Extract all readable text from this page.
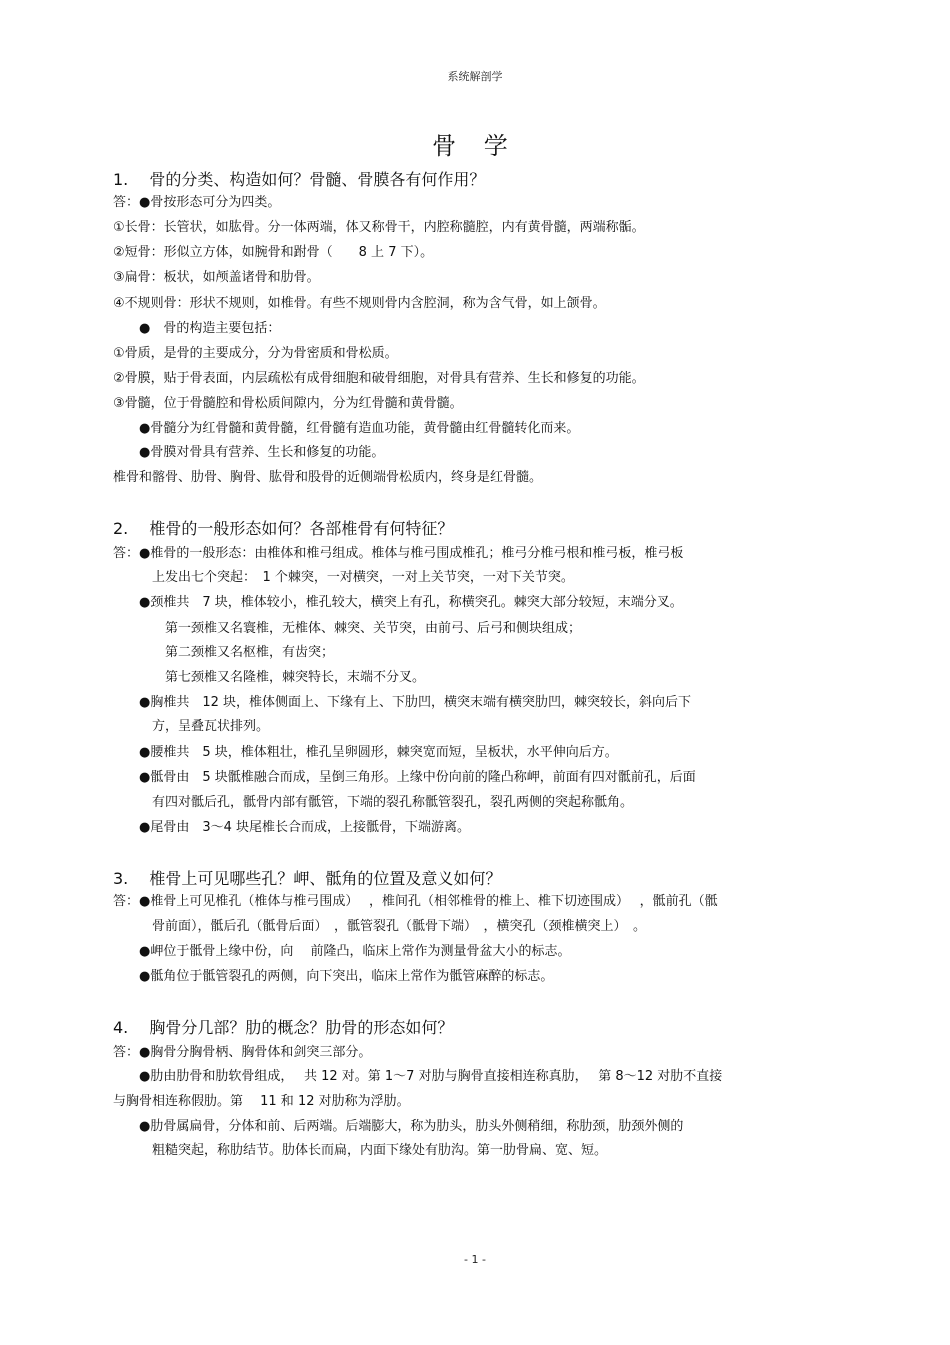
系统解剖学
骨 学
1.　 骨的分类、构造如何？骨髓、骨膜各有何作用？
答：●骨按形态可分为四类。
①长骨：长管状，如肱骨。分一体两端，体又称骨干，内腔称髓腔，内有黄骨髓，两端称骺。
②短骨：形似立方体，如腕骨和跗骨（　　8 上 7 下）。
③扁骨：板状，如颅盖诸骨和肋骨。
④不规则骨：形状不规则，如椎骨。有些不规则骨内含腔洞，称为含气骨，如上颌骨。
　　●　骨的构造主要包括：
①骨质，是骨的主要成分，分为骨密质和骨松质。
②骨膜，贴于骨表面，内层疏松有成骨细胞和破骨细胞，对骨具有营养、生长和修复的功能。
③骨髓，位于骨髓腔和骨松质间隙内，分为红骨髓和黄骨髓。
　　●骨髓分为红骨髓和黄骨髓，红骨髓有造血功能，黄骨髓由红骨髓转化而来。
　　●骨膜对骨具有营养、生长和修复的功能。
椎骨和髂骨、肋骨、胸骨、肱骨和股骨的近侧端骨松质内，终身是红骨髓。
2.　 椎骨的一般形态如何？各部椎骨有何特征？
答：●椎骨的一般形态：由椎体和椎弓组成。椎体与椎弓围成椎孔；椎弓分椎弓根和椎弓板，椎弓板
　　　上发出七个突起：　1 个棘突，一对横突，一对上关节突，一对下关节突。
　　●颈椎共　7 块，椎体较小，椎孔较大，横突上有孔，称横突孔。棘突大部分较短，末端分叉。
　　　　第一颈椎又名寰椎，无椎体、棘突、关节突，由前弓、后弓和侧块组成；
　　　　第二颈椎又名枢椎，有齿突；
　　　　第七颈椎又名隆椎，棘突特长，末端不分叉。
　　●胸椎共　12 块，椎体侧面上、下缘有上、下肋凹，横突末端有横突肋凹，棘突较长，斜向后下
　　　方，呈叠瓦状排列。
　　●腰椎共　5 块，椎体粗壮，椎孔呈卵圆形，棘突宽而短，呈板状，水平伸向后方。
　　●骶骨由　5 块骶椎融合而成，呈倒三角形。上缘中份向前的隆凸称岬，前面有四对骶前孔，后面
　　　有四对骶后孔，骶骨内部有骶管，下端的裂孔称骶管裂孔，裂孔两侧的突起称骶角。
　　●尾骨由　3～4 块尾椎长合而成，上接骶骨，下端游离。
3.　 椎骨上可见哪些孔？岬、骶角的位置及意义如何？
答：●椎骨上可见椎孔（椎体与椎弓围成）　 ，椎间孔（相邻椎骨的椎上、椎下切迹围成）　 ，骶前孔（骶
　　　骨前面），骶后孔（骶骨后面）　，骶管裂孔（骶骨下端）　，横突孔（颈椎横突上）　。
　　●岬位于骶骨上缘中份，向　 前隆凸，临床上常作为测量骨盆大小的标志。
　　●骶角位于骶管裂孔的两侧，向下突出，临床上常作为骶管麻醉的标志。
4.　 胸骨分几部？肋的概念？肋骨的形态如何？
答：●胸骨分胸骨柄、胸骨体和剑突三部分。
　　●肋由肋骨和肋软骨组成，　 共 12 对。第 1～7 对肋与胸骨直接相连称真肋，　 第 8～12 对肋不直接
与胸骨相连称假肋。第　 11 和 12 对肋称为浮肋。
　　●肋骨属扁骨，分体和前、后两端。后端膨大，称为肋头，肋头外侧稍细，称肋颈，肋颈外侧的
　　　粗糙突起，称肋结节。肋体长而扁，内面下缘处有肋沟。第一肋骨扁、宽、短。
- 1 -
